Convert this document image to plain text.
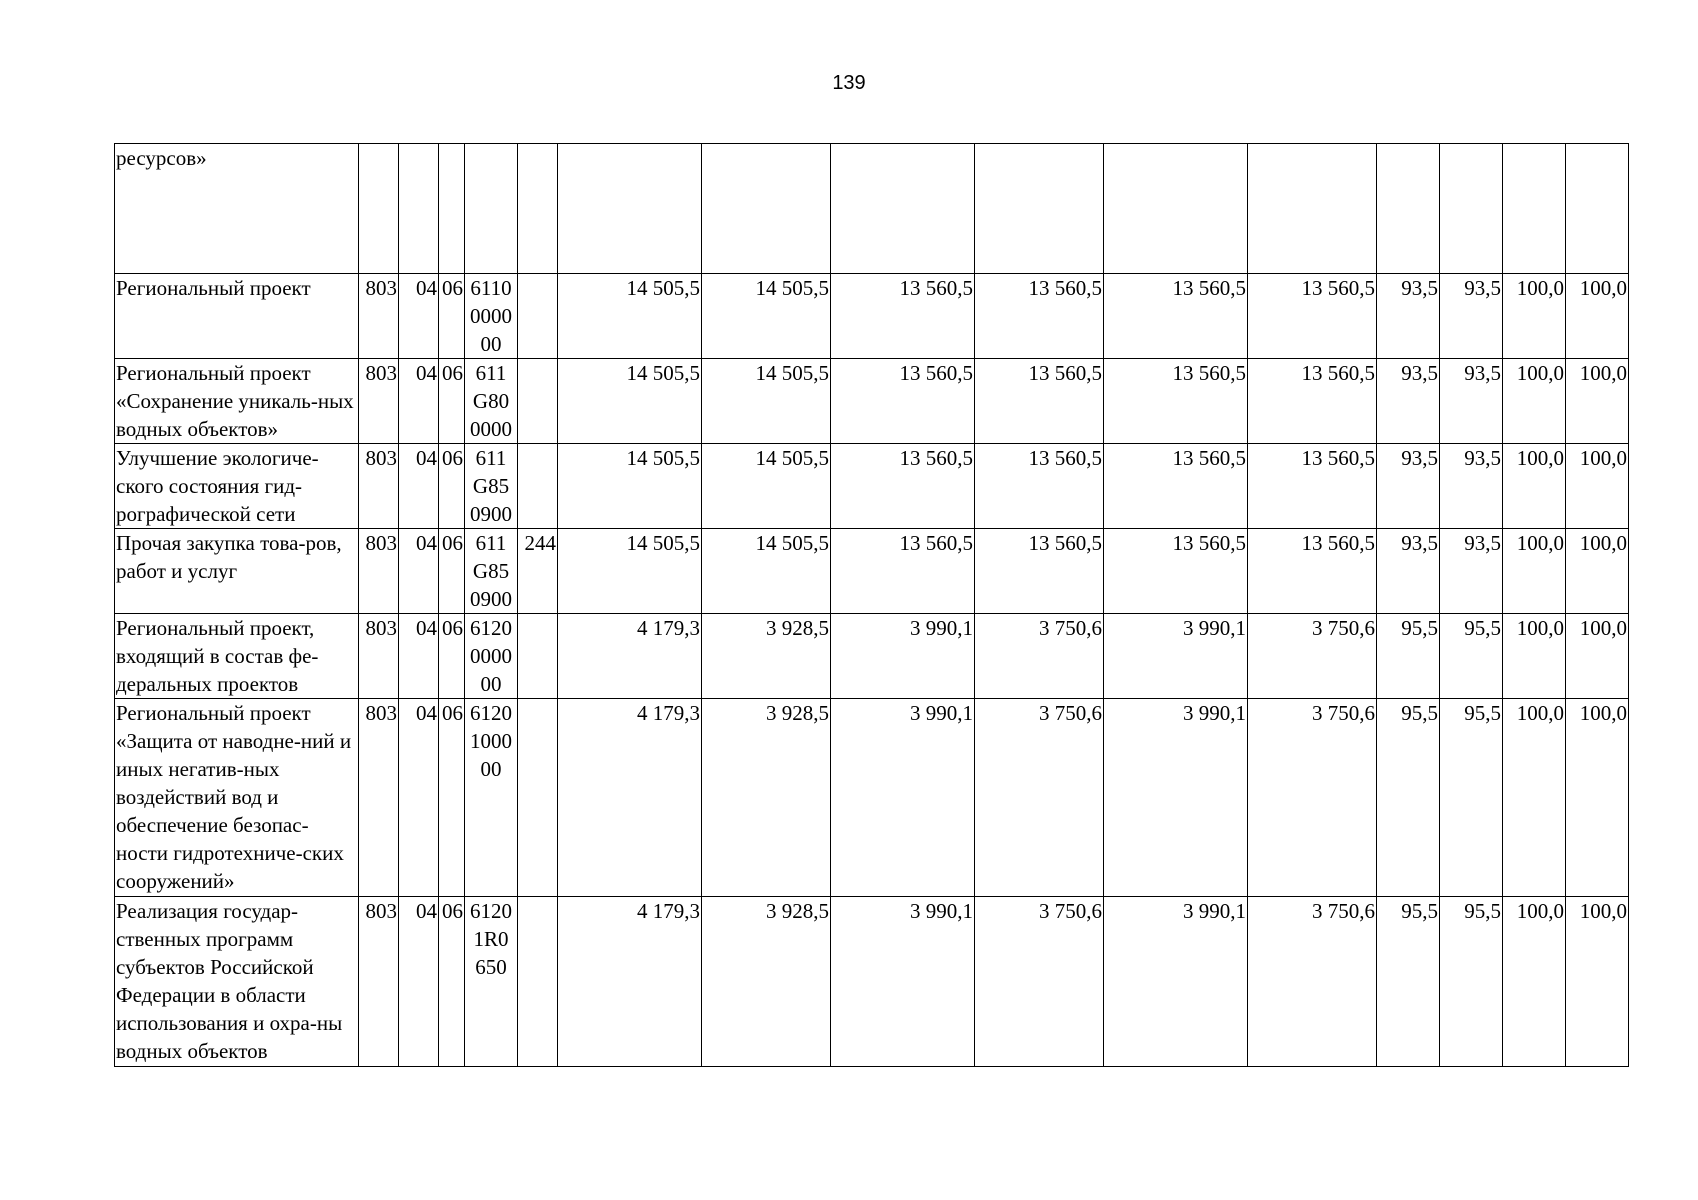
139
ресурсов»															
Региональный проект	803	04	06	6110 0000 00		14 505,5	14 505,5	13 560,5	13 560,5	13 560,5	13 560,5	93,5	93,5	100,0	100,0
Региональный проект «Сохранение уникаль-ных водных объектов»	803	04	06	611 G80 0000		14 505,5	14 505,5	13 560,5	13 560,5	13 560,5	13 560,5	93,5	93,5	100,0	100,0
Улучшение экологиче-ского состояния гид-рографической сети	803	04	06	611 G85 0900		14 505,5	14 505,5	13 560,5	13 560,5	13 560,5	13 560,5	93,5	93,5	100,0	100,0
Прочая закупка това-ров, работ и услуг	803	04	06	611 G85 0900	244	14 505,5	14 505,5	13 560,5	13 560,5	13 560,5	13 560,5	93,5	93,5	100,0	100,0
Региональный проект, входящий в состав фе-деральных проектов	803	04	06	6120 0000 00		4 179,3	3 928,5	3 990,1	3 750,6	3 990,1	3 750,6	95,5	95,5	100,0	100,0
Региональный проект «Защита от наводне-ний и иных негатив-ных воздействий вод и обеспечение безопас-ности гидротехниче-ских сооружений»	803	04	06	6120 1000 00		4 179,3	3 928,5	3 990,1	3 750,6	3 990,1	3 750,6	95,5	95,5	100,0	100,0
Реализация государ-ственных программ субъектов Российской Федерации в области использования и охра-ны водных объектов	803	04	06	6120 1R0 650		4 179,3	3 928,5	3 990,1	3 750,6	3 990,1	3 750,6	95,5	95,5	100,0	100,0
